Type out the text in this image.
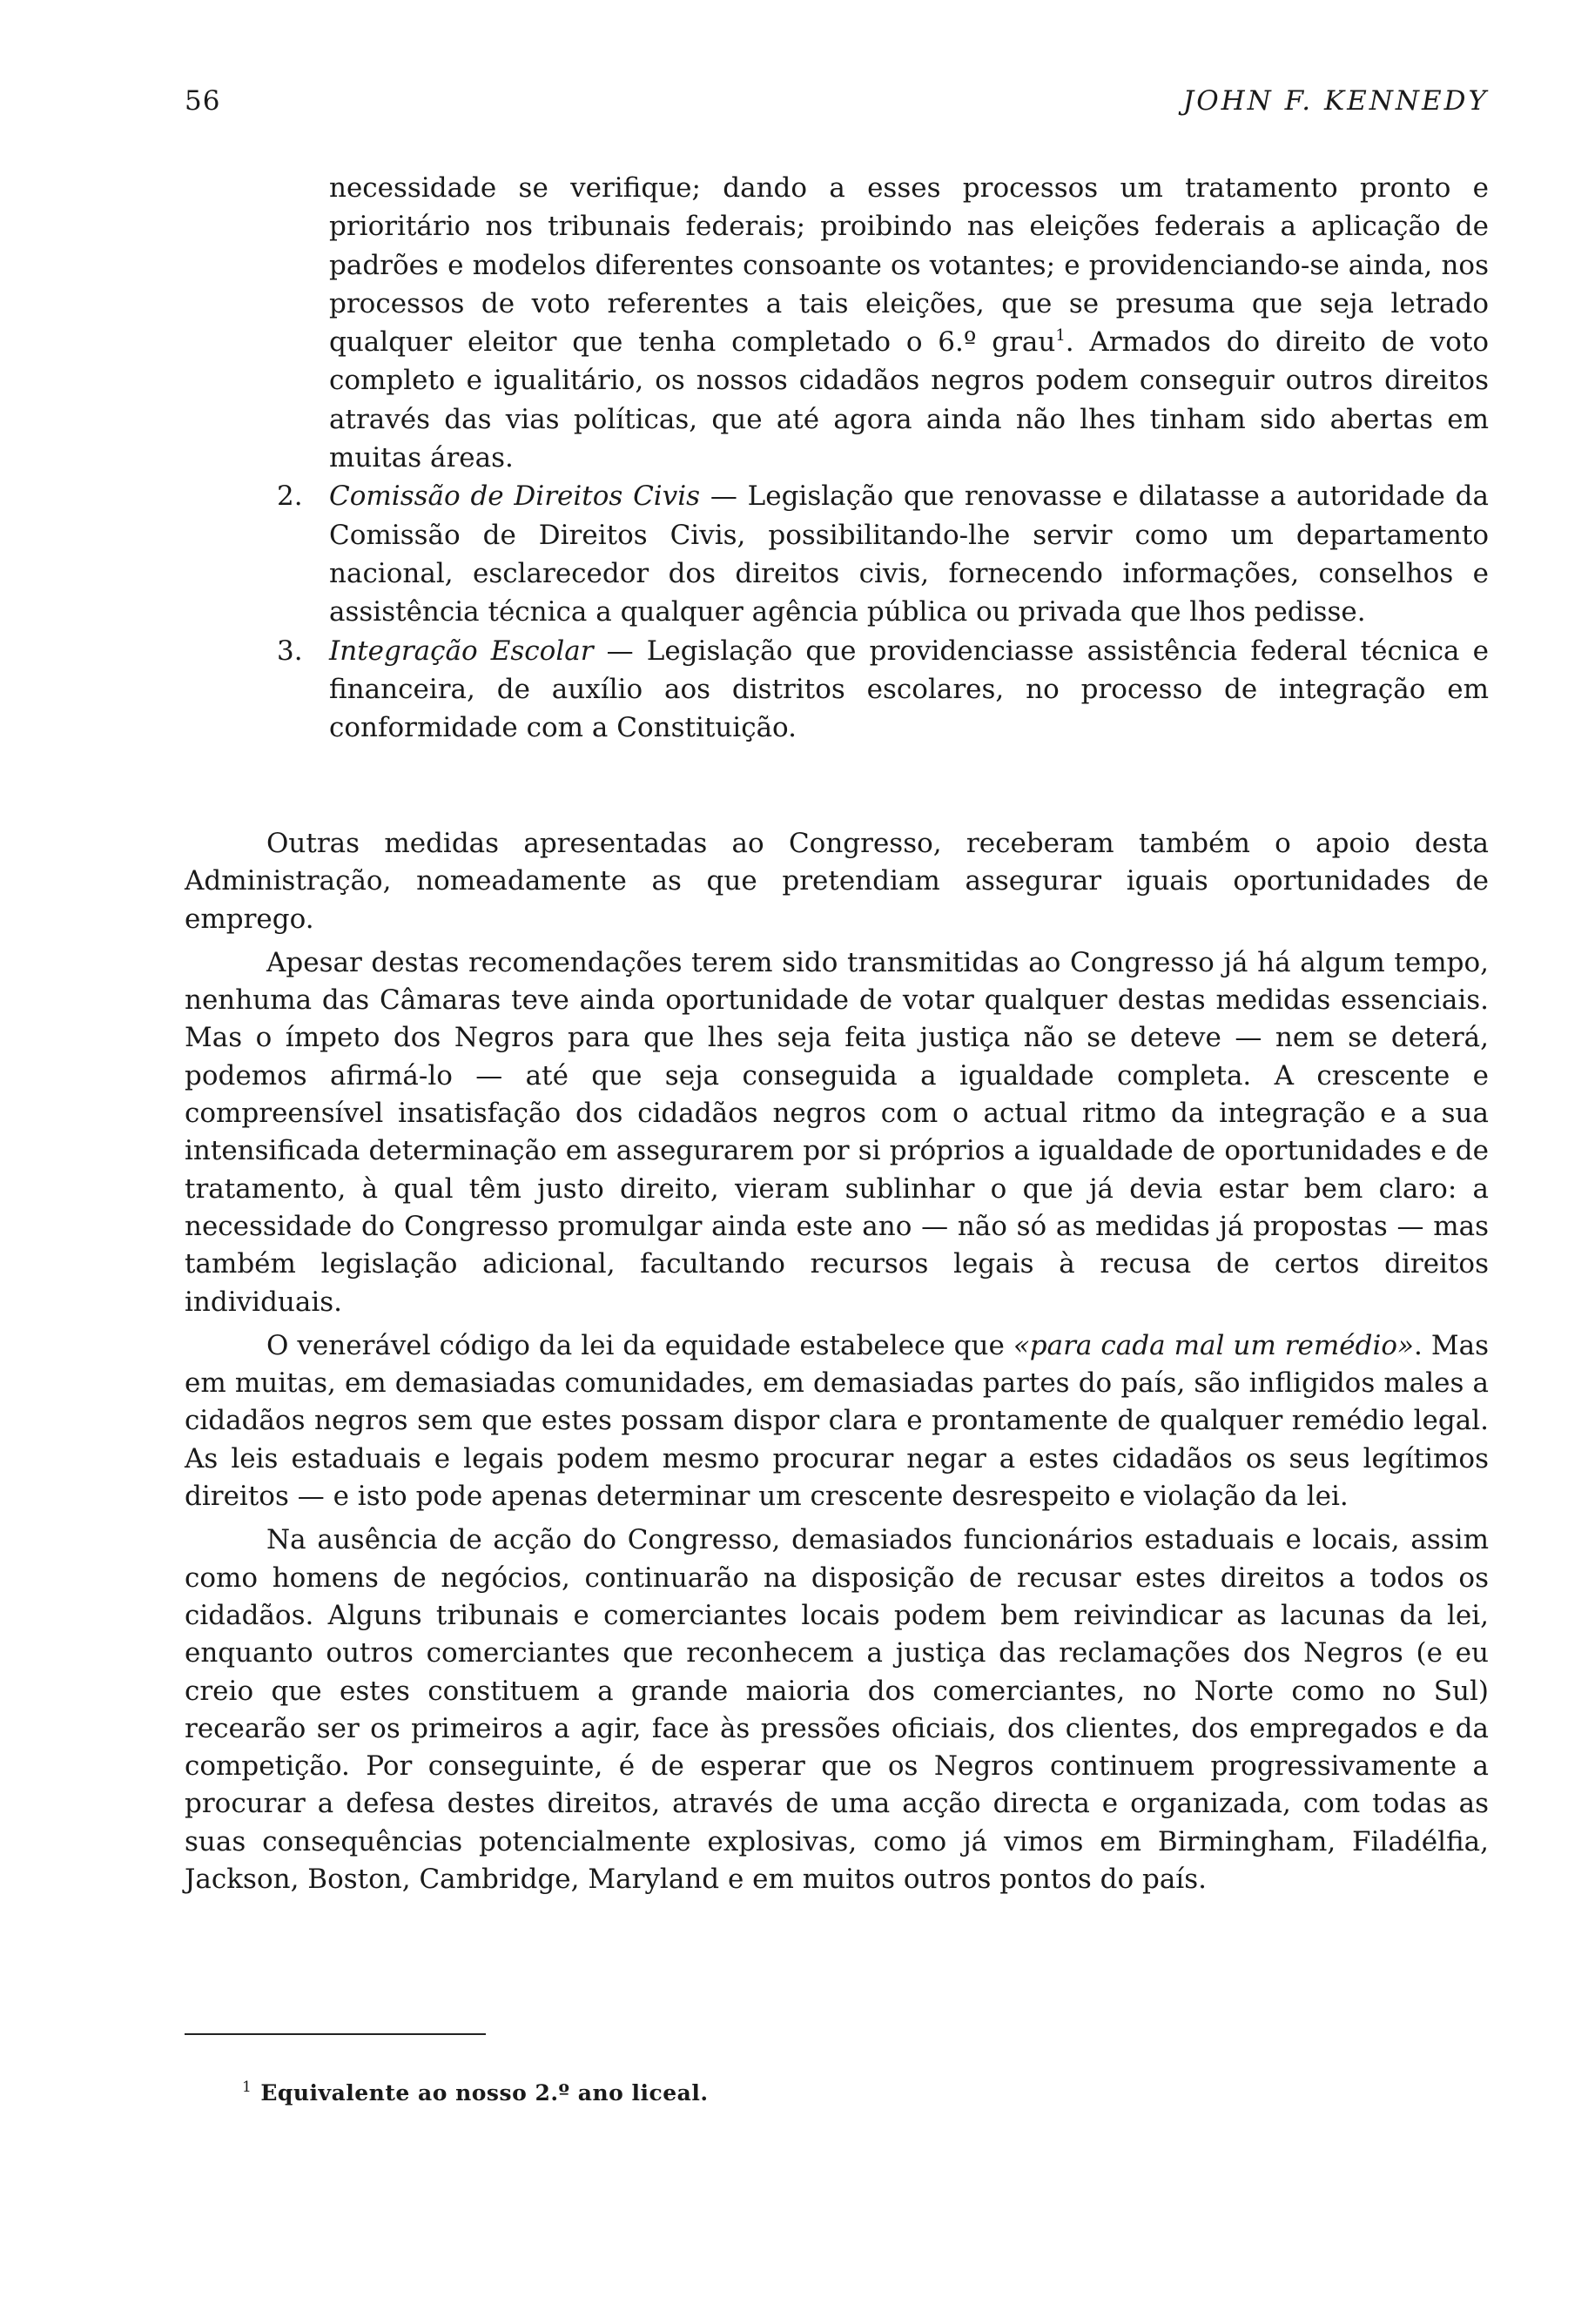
56	JOHN F. KENNEDY

necessidade se verifique; dando a esses processos um tratamento pronto e prioritário nos tribunais federais; proibindo nas eleições federais a aplicação de padrões e modelos diferentes consoante os votantes; e providenciando-se ainda, nos processos de voto referentes a tais eleições, que se presuma que seja letrado qualquer eleitor que tenha completado o 6.º grau$^1$. Armados do direito de voto completo e igualitário, os nossos cidadãos negros podem conseguir outros direitos através das vias políticas, que até agora ainda não lhes tinham sido abertas em muitas áreas.

2. Comissão de Direitos Civis — Legislação que renovasse e dilatasse a autoridade da Comissão de Direitos Civis, possibilitando-lhe servir como um departamento nacional, esclarecedor dos direitos civis, fornecendo informações, conselhos e assistência técnica a qualquer agência pública ou privada que lhos pedisse.

3. Integração Escolar — Legislação que providenciasse assistência federal técnica e financeira, de auxílio aos distritos escolares, no processo de integração em conformidade com a Constituição.

Outras medidas apresentadas ao Congresso, receberam também o apoio desta Administração, nomeadamente as que pretendiam assegurar iguais oportunidades de emprego.

Apesar destas recomendações terem sido transmitidas ao Congresso já há algum tempo, nenhuma das Câmaras teve ainda oportunidade de votar qualquer destas medidas essenciais. Mas o ímpeto dos Negros para que lhes seja feita justiça não se deteve — nem se deterá, podemos afirmá-lo — até que seja conseguida a igualdade completa. A crescente e compreensível insatisfação dos cidadãos negros com o actual ritmo da integração e a sua intensificada determinação em assegurarem por si próprios a igualdade de oportunidades e de tratamento, à qual têm justo direito, vieram sublinhar o que já devia estar bem claro: a necessidade do Congresso promulgar ainda este ano — não só as medidas já propostas — mas também legislação adicional, facultando recursos legais à recusa de certos direitos individuais.

O venerável código da lei da equidade estabelece que «para cada mal um remédio». Mas em muitas, em demasiadas comunidades, em demasiadas partes do país, são infligidos males a cidadãos negros sem que estes possam dispor clara e prontamente de qualquer remédio legal. As leis estaduais e legais podem mesmo procurar negar a estes cidadãos os seus legítimos direitos — e isto pode apenas determinar um crescente desrespeito e violação da lei.

Na ausência de acção do Congresso, demasiados funcionários estaduais e locais, assim como homens de negócios, continuarão na disposição de recusar estes direitos a todos os cidadãos. Alguns tribunais e comerciantes locais podem bem reivindicar as lacunas da lei, enquanto outros comerciantes que reconhecem a justiça das reclamações dos Negros (e eu creio que estes constituem a grande maioria dos comerciantes, no Norte como no Sul) recearão ser os primeiros a agir, face às pressões oficiais, dos clientes, dos empregados e da competição. Por conseguinte, é de esperar que os Negros continuem progressivamente a procurar a defesa destes direitos, através de uma acção directa e organizada, com todas as suas consequências potencialmente explosivas, como já vimos em Birmingham, Filadélfia, Jackson, Boston, Cambridge, Maryland e em muitos outros pontos do país.

$^1$ Equivalente ao nosso 2.º ano liceal.
